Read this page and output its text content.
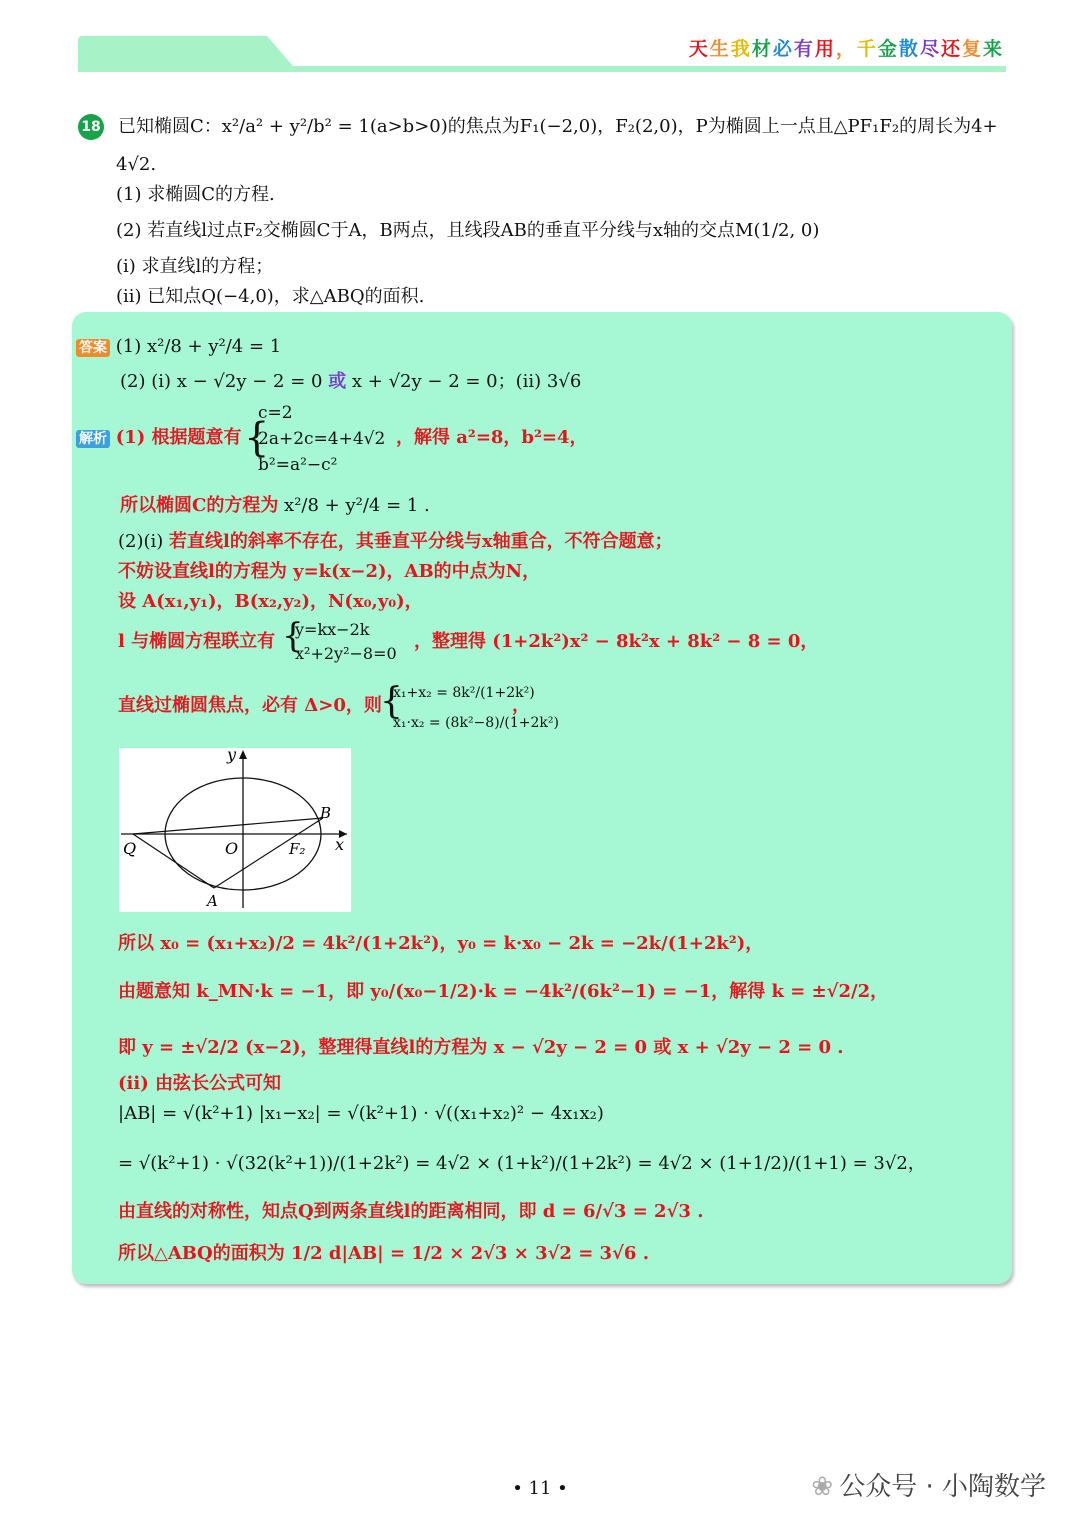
天生我材必有用，千金散尽还复来
18 已知椭圆C：x²/a² + y²/b² = 1(a>b>0)的焦点为F₁(−2,0)，F₂(2,0)，P为椭圆上一点且△PF₁F₂的周长为4+
4√2.
(1) 求椭圆C的方程.
(2) 若直线l过点F₂交椭圆C于A，B两点，且线段AB的垂直平分线与x轴的交点M(1/2, 0)
(i) 求直线l的方程；
(ii) 已知点Q(−4,0)，求△ABQ的面积.
答案 (1) x²/8 + y²/4 = 1
(2) (i) x − √2y − 2 = 0 或 x + √2y − 2 = 0；(ii) 3√6
解析 (1) 根据题意有 {
c=2
2a+2c=4+4√2
b²=a²−c²
，解得 a²=8，b²=4，
所以椭圆C的方程为 x²/8 + y²/4 = 1 .
(2)(i) 若直线l的斜率不存在，其垂直平分线与x轴重合，不符合题意；
不妨设直线l的方程为 y=k(x−2)，AB的中点为N，
设 A(x₁,y₁)，B(x₂,y₂)，N(x₀,y₀)，
l 与椭圆方程联立有 {
y=kx−2k
x²+2y²−8=0
，整理得 (1+2k²)x² − 8k²x + 8k² − 8 = 0，
直线过椭圆焦点，必有 Δ>0，则
{
x₁+x₂ = 8k²/(1+2k²)
x₁·x₂ = (8k²−8)/(1+2k²)
，
y
x
B
Q	O	F₂
A
所以 x₀ = (x₁+x₂)/2 = 4k²/(1+2k²)，y₀ = k·x₀ − 2k = −2k/(1+2k²)，
由题意知 k_MN·k = −1，即 y₀/(x₀−1/2)·k = −4k²/(6k²−1) = −1，解得 k = ±√2/2，
即 y = ±√2/2 (x−2)，整理得直线l的方程为 x − √2y − 2 = 0 或 x + √2y − 2 = 0 .
(ii) 由弦长公式可知
|AB| = √(k²+1) |x₁−x₂| = √(k²+1) · √((x₁+x₂)² − 4x₁x₂)
= √(k²+1) · √(32(k²+1))/(1+2k²) = 4√2 × (1+k²)/(1+2k²) = 4√2 × (1+1/2)/(1+1) = 3√2，
由直线的对称性，知点Q到两条直线l的距离相同，即 d = 6/√3 = 2√3 .
所以△ABQ的面积为 1/2 d|AB| = 1/2 × 2√3 × 3√2 = 3√6 .
• 11 •	❀ 公众号 · 小陶数学
